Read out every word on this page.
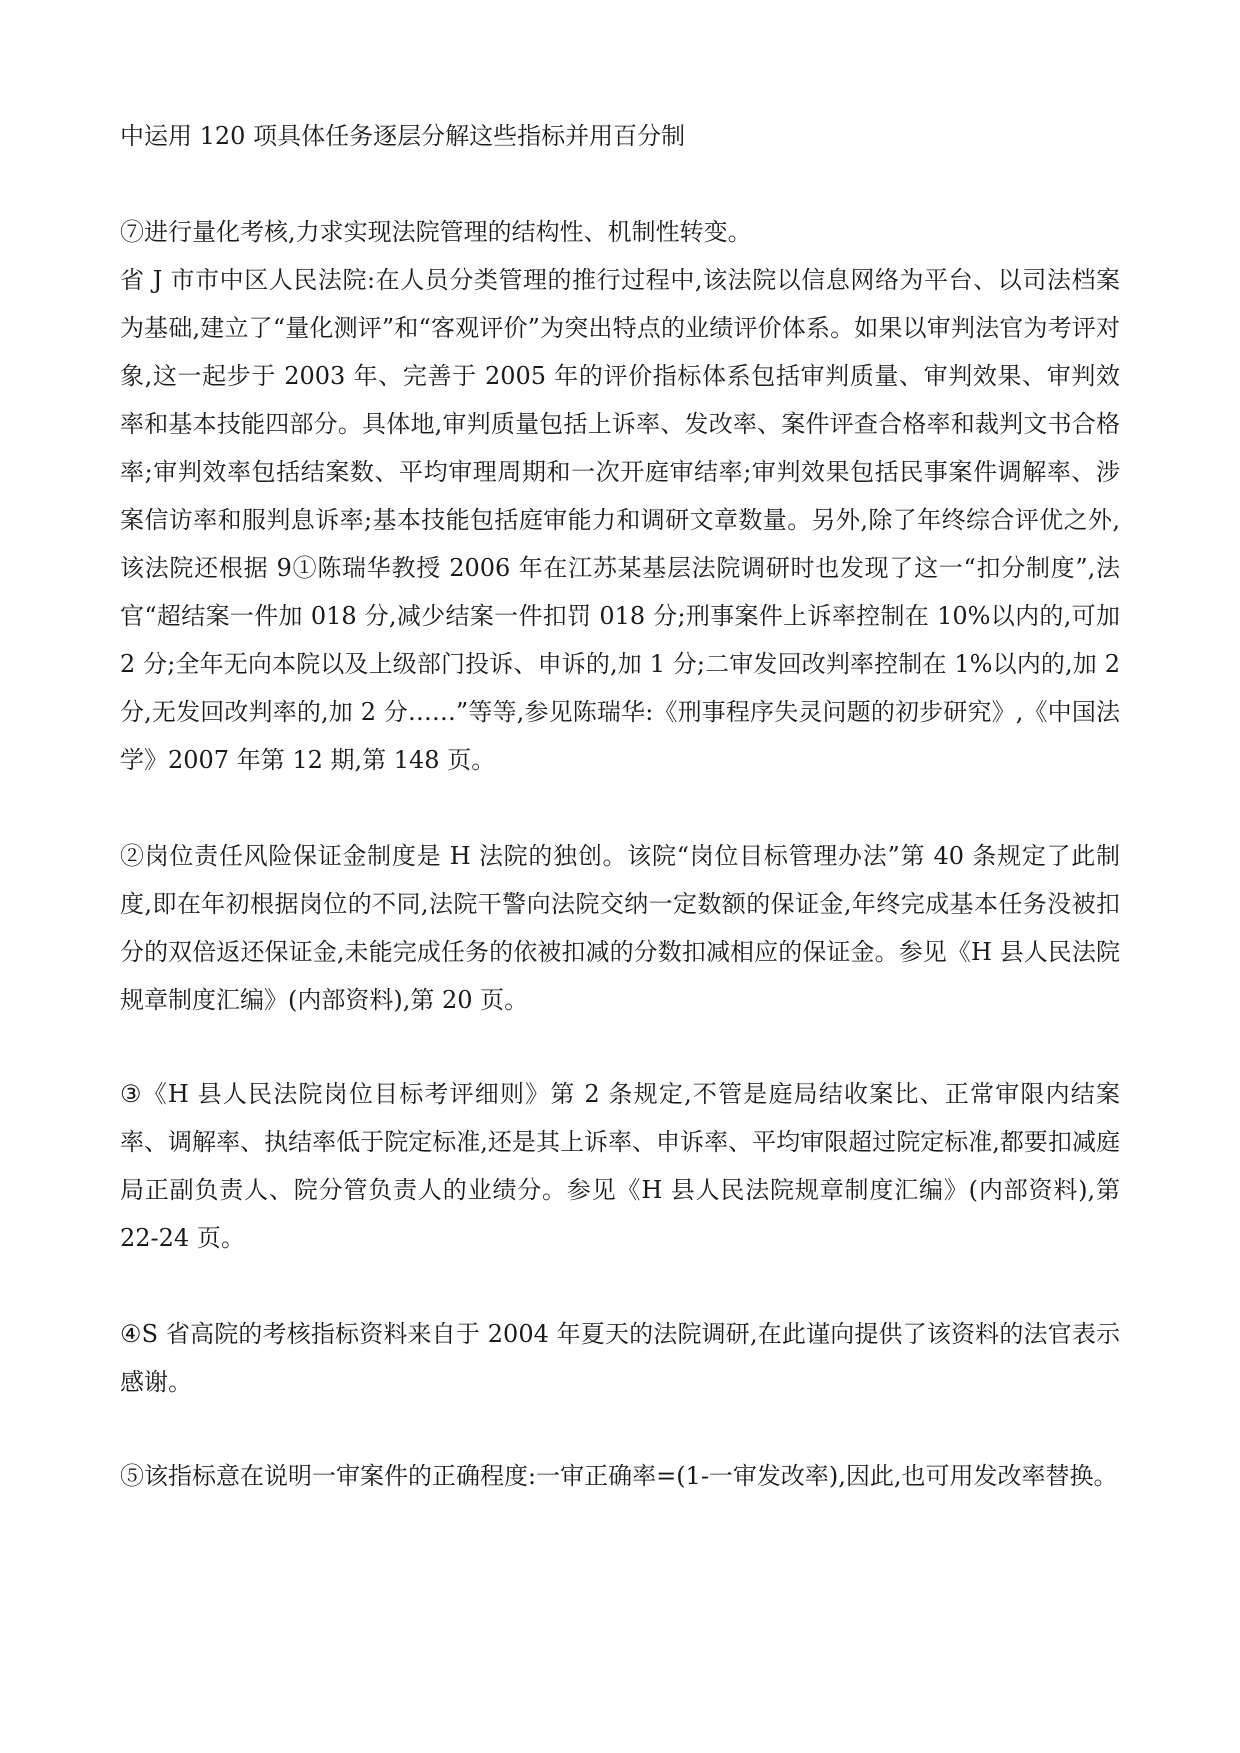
中运用 120 项具体任务逐层分解这些指标并用百分制

⑦进行量化考核,力求实现法院管理的结构性、机制性转变。

省 J 市市中区人民法院:在人员分类管理的推行过程中,该法院以信息网络为平台、以司法档案为基础,建立了“量化测评”和“客观评价”为突出特点的业绩评价体系。如果以审判法官为考评对象,这一起步于 2003 年、完善于 2005 年的评价指标体系包括审判质量、审判效果、审判效率和基本技能四部分。具体地,审判质量包括上诉率、发改率、案件评查合格率和裁判文书合格率;审判效率包括结案数、平均审理周期和一次开庭审结率;审判效果包括民事案件调解率、涉案信访率和服判息诉率;基本技能包括庭审能力和调研文章数量。另外,除了年终综合评优之外,该法院还根据 9①陈瑞华教授 2006 年在江苏某基层法院调研时也发现了这一“扣分制度”,法官“超结案一件加 018 分,减少结案一件扣罚 018 分;刑事案件上诉率控制在 10%以内的,可加 2 分;全年无向本院以及上级部门投诉、申诉的,加 1 分;二审发回改判率控制在 1%以内的,加 2 分,无发回改判率的,加 2 分……”等等,参见陈瑞华:《刑事程序失灵问题的初步研究》,《中国法学》2007 年第 12 期,第 148 页。

②岗位责任风险保证金制度是 H 法院的独创。该院“岗位目标管理办法”第 40 条规定了此制度,即在年初根据岗位的不同,法院干警向法院交纳一定数额的保证金,年终完成基本任务没被扣分的双倍返还保证金,未能完成任务的依被扣减的分数扣减相应的保证金。参见《H 县人民法院规章制度汇编》(内部资料),第 20 页。

③《H 县人民法院岗位目标考评细则》第 2 条规定,不管是庭局结收案比、正常审限内结案率、调解率、执结率低于院定标准,还是其上诉率、申诉率、平均审限超过院定标准,都要扣减庭局正副负责人、院分管负责人的业绩分。参见《H 县人民法院规章制度汇编》(内部资料),第 22-24 页。

④S 省高院的考核指标资料来自于 2004 年夏天的法院调研,在此谨向提供了该资料的法官表示感谢。

⑤该指标意在说明一审案件的正确程度:一审正确率=(1-一审发改率),因此,也可用发改率替换。
